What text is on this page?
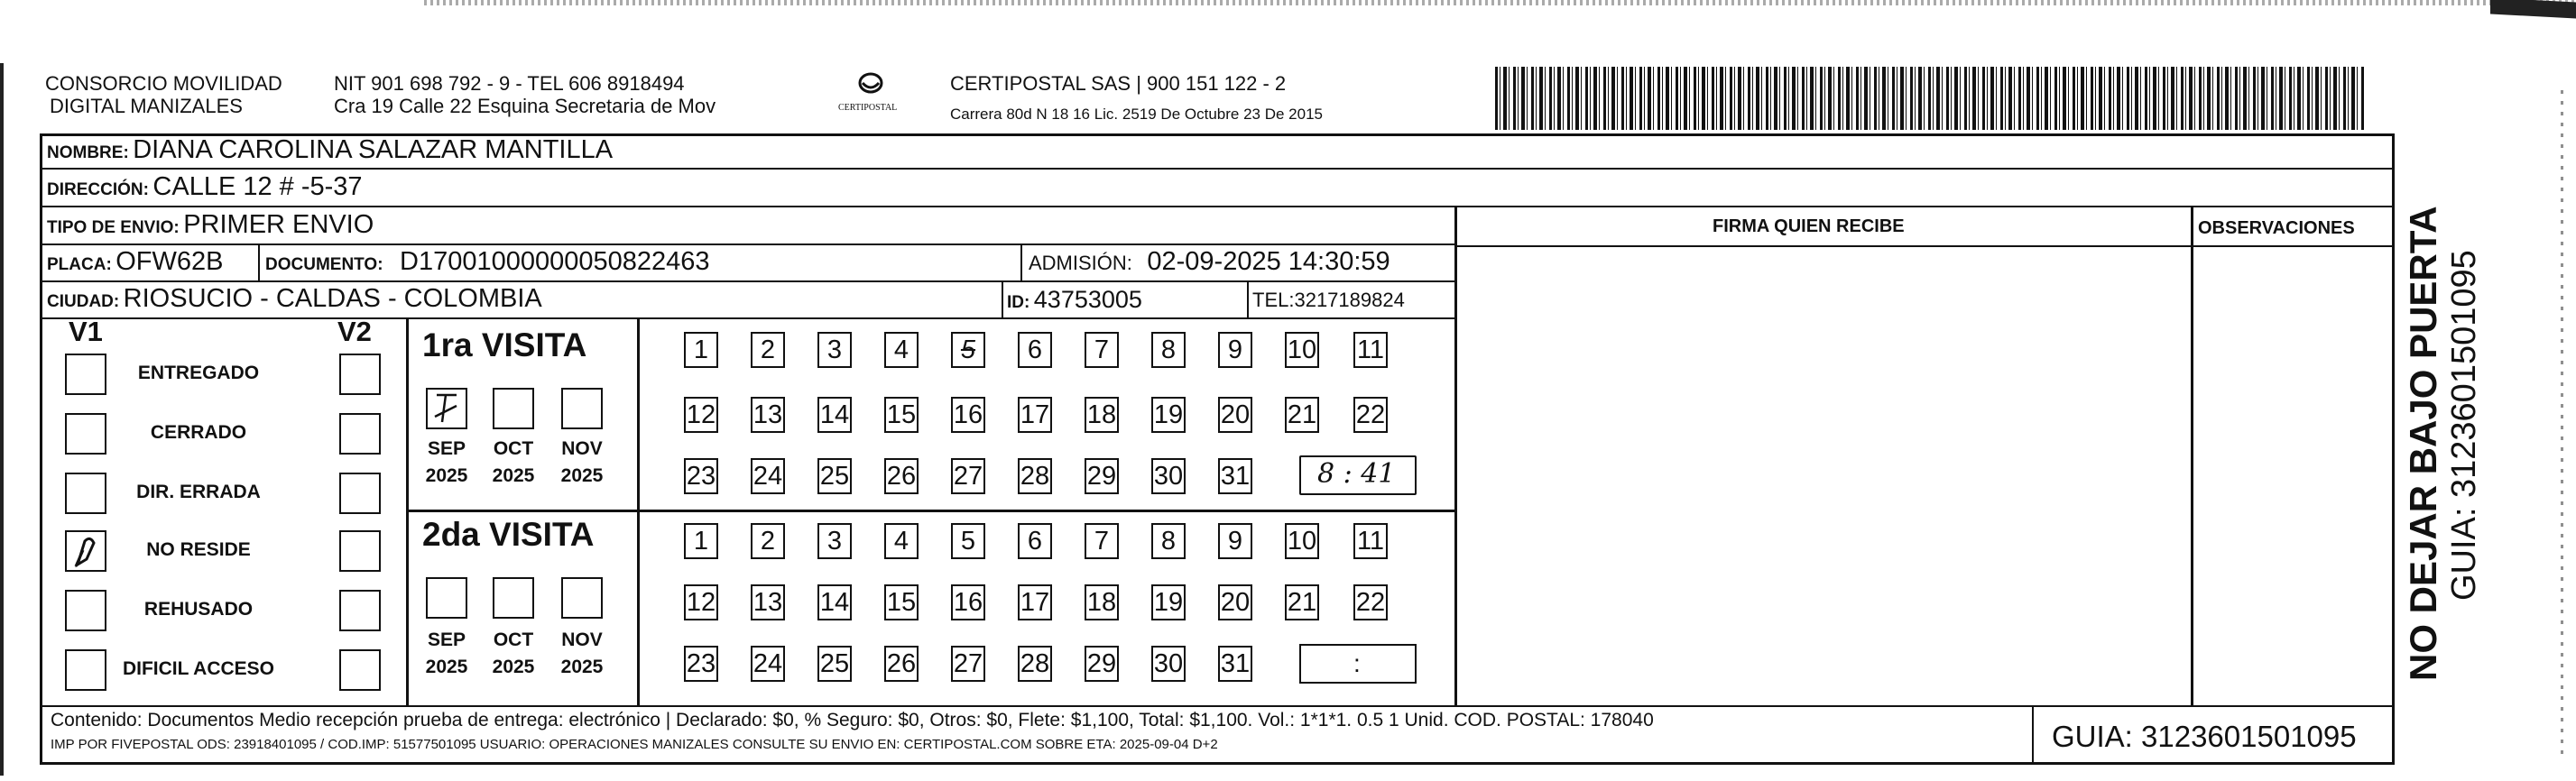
CONSORCIO MOVILIDAD
DIGITAL MANIZALES
NIT 901 698 792 - 9 - TEL 606 8918494
Cra 19 Calle 22 Esquina Secretaria de Mov	CERTIPOSTAL
CERTIPOSTAL SAS | 900 151 122 - 2
Carrera 80d N 18 16 Lic. 2519 De Octubre 23 De 2015
NOMBRE: DIANA CAROLINA SALAZAR MANTILLA
DIRECCIÓN: CALLE 12 # -5-37
TIPO DE ENVIO: PRIMER ENVIO
PLACA: OFW62B DOCUMENTO: D17001000000050822463	ADMISIÓN: 02-09-2025 14:30:59
CIUDAD: RIOSUCIO - CALDAS - COLOMBIA	ID: 43753005	TEL:3217189824
FIRMA QUIEN RECIBE	OBSERVACIONES
V1	V2
ENTREGADO
CERRADO
DIR. ERRADA
NO RESIDE
REHUSADO
DIFICIL ACCESO
1ra VISITA
2da VISITA
SEP
2025
OCT
2025
NOV
2025
SEP
2025
OCT
2025
NOV
2025
1	2	3	4	5	6	7	8	9	10 11
12 13 14 15 16 17 18 19 20 21 22
23 24 25 26 27 28 29 30 31
1	2	3	4	5	6	7	8	9	10 11
12 13 14 15 16 17 18 19 20 21 22
23 24 25 26 27 28 29 30 31
8 : 41
:
Contenido: Documentos Medio recepción prueba de entrega: electrónico | Declarado: $0, % Seguro: $0, Otros: $0, Flete: $1,100, Total: $1,100. Vol.: 1*1*1. 0.5 1 Unid. COD. POSTAL: 178040
IMP POR FIVEPOSTAL ODS: 23918401095 / COD.IMP: 51577501095 USUARIO: OPERACIONES MANIZALES CONSULTE SU ENVIO EN: CERTIPOSTAL.COM SOBRE ETA: 2025-09-04 D+2	GUIA: 3123601501095
NO DEJAR BAJO PUERTA GUIA: 3123601501095
